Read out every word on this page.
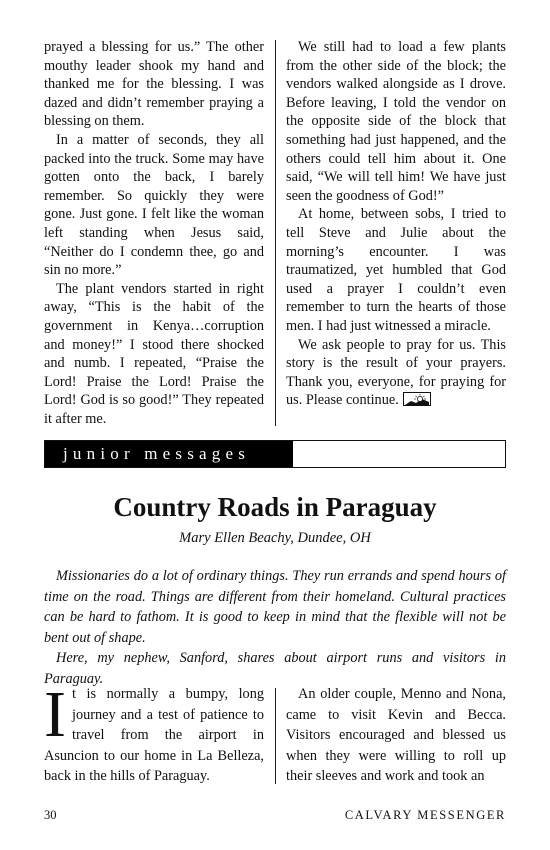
prayed a blessing for us.” The other mouthy leader shook my hand and thanked me for the blessing. I was dazed and didn’t remember praying a blessing on them.

In a matter of seconds, they all packed into the truck. Some may have gotten onto the back, I barely remember. So quickly they were gone. Just gone. I felt like the woman left standing when Jesus said, “Neither do I condemn thee, go and sin no more.”

The plant vendors started in right away, “This is the habit of the government in Kenya…corruption and money!” I stood there shocked and numb. I repeated, “Praise the Lord! Praise the Lord! Praise the Lord! God is so good!” They repeated it after me.

We still had to load a few plants from the other side of the block; the vendors walked alongside as I drove. Before leaving, I told the vendor on the opposite side of the block that something had just happened, and the others could tell him about it. One said, “We will tell him! We have just seen the goodness of God!”

At home, between sobs, I tried to tell Steve and Julie about the morning’s encounter. I was traumatized, yet humbled that God used a prayer I couldn’t even remember to turn the hearts of those men. I had just witnessed a miracle.

We ask people to pray for us. This story is the result of your prayers. Thank you, everyone, for praying for us. Please continue.

junior messages
Country Roads in Paraguay
Mary Ellen Beachy, Dundee, OH

Missionaries do a lot of ordinary things. They run errands and spend hours of time on the road. Things are different from their homeland. Cultural practices can be hard to fathom. It is good to keep in mind that the flexible will not be bent out of shape.

Here, my nephew, Sanford, shares about airport runs and visitors in Paraguay.

It is normally a bumpy, long journey and a test of patience to travel from the airport in Asuncion to our home in La Belleza, back in the hills of Paraguay.

An older couple, Menno and Nona, came to visit Kevin and Becca. Visitors encouraged and blessed us when they were willing to roll up their sleeves and work and took an

30	CALVARY MESSENGER
